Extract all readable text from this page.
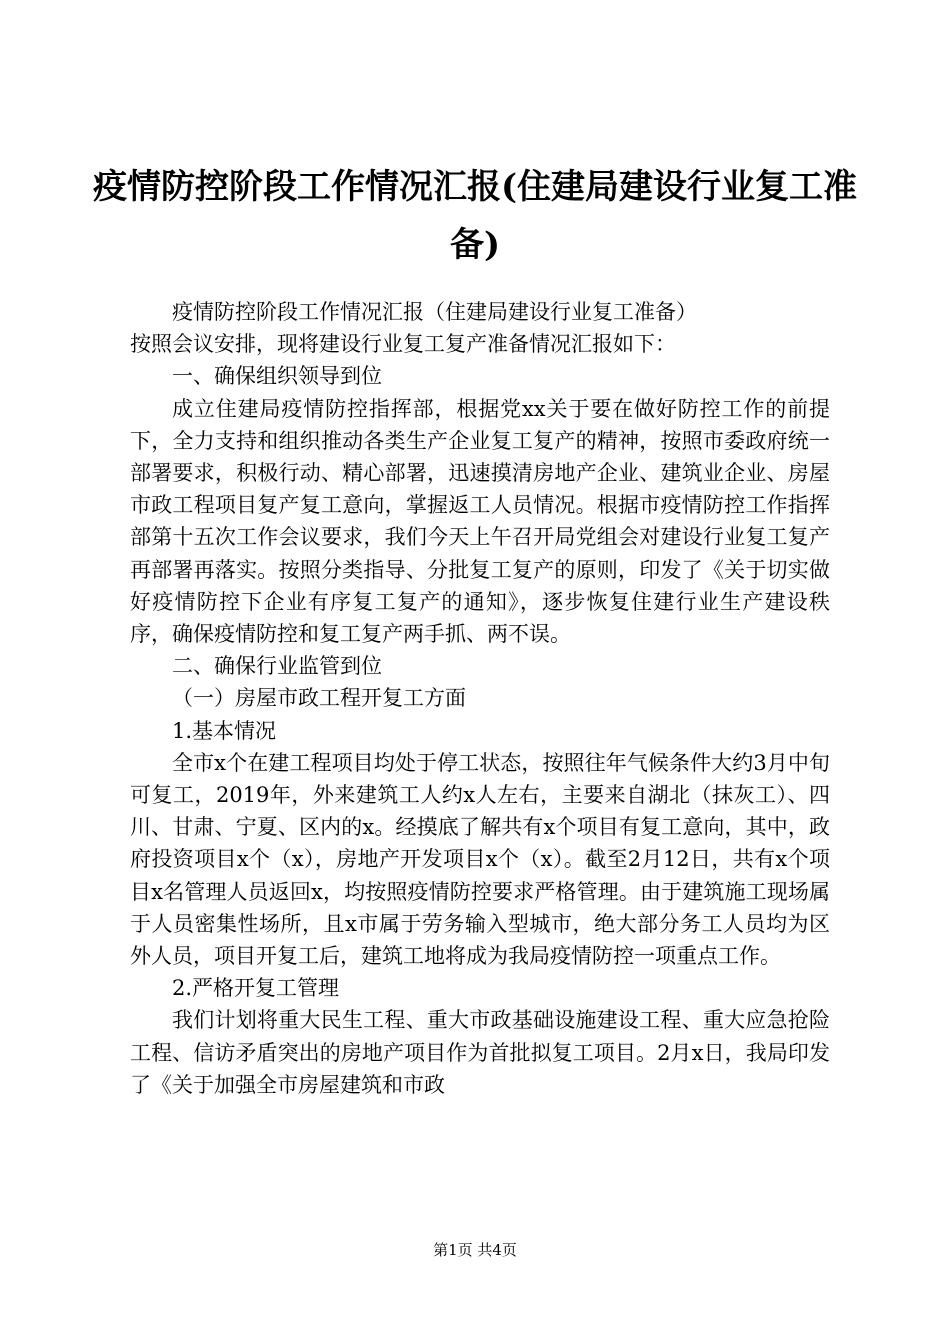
疫情防控阶段工作情况汇报(住建局建设行业复工准备)

疫情防控阶段工作情况汇报（住建局建设行业复工准备）

按照会议安排，现将建设行业复工复产准备情况汇报如下：

一、确保组织领导到位

成立住建局疫情防控指挥部，根据党xx关于要在做好防控工作的前提下，全力支持和组织推动各类生产企业复工复产的精神，按照市委政府统一部署要求，积极行动、精心部署，迅速摸清房地产企业、建筑业企业、房屋市政工程项目复产复工意向，掌握返工人员情况。根据市疫情防控工作指挥部第十五次工作会议要求，我们今天上午召开局党组会对建设行业复工复产再部署再落实。按照分类指导、分批复工复产的原则，印发了《关于切实做好疫情防控下企业有序复工复产的通知》，逐步恢复住建行业生产建设秩序，确保疫情防控和复工复产两手抓、两不误。

二、确保行业监管到位

（一）房屋市政工程开复工方面

1.基本情况

全市x个在建工程项目均处于停工状态，按照往年气候条件大约3月中旬可复工，2019年，外来建筑工人约x人左右，主要来自湖北（抹灰工）、四川、甘肃、宁夏、区内的x。经摸底了解共有x个项目有复工意向，其中，政府投资项目x个（x），房地产开发项目x个（x）。截至2月12日，共有x个项目x名管理人员返回x，均按照疫情防控要求严格管理。由于建筑施工现场属于人员密集性场所，且x市属于劳务输入型城市，绝大部分务工人员均为区外人员，项目开复工后，建筑工地将成为我局疫情防控一项重点工作。

2.严格开复工管理

我们计划将重大民生工程、重大市政基础设施建设工程、重大应急抢险工程、信访矛盾突出的房地产项目作为首批拟复工项目。2月x日，我局印发了《关于加强全市房屋建筑和市政

第1页 共4页
